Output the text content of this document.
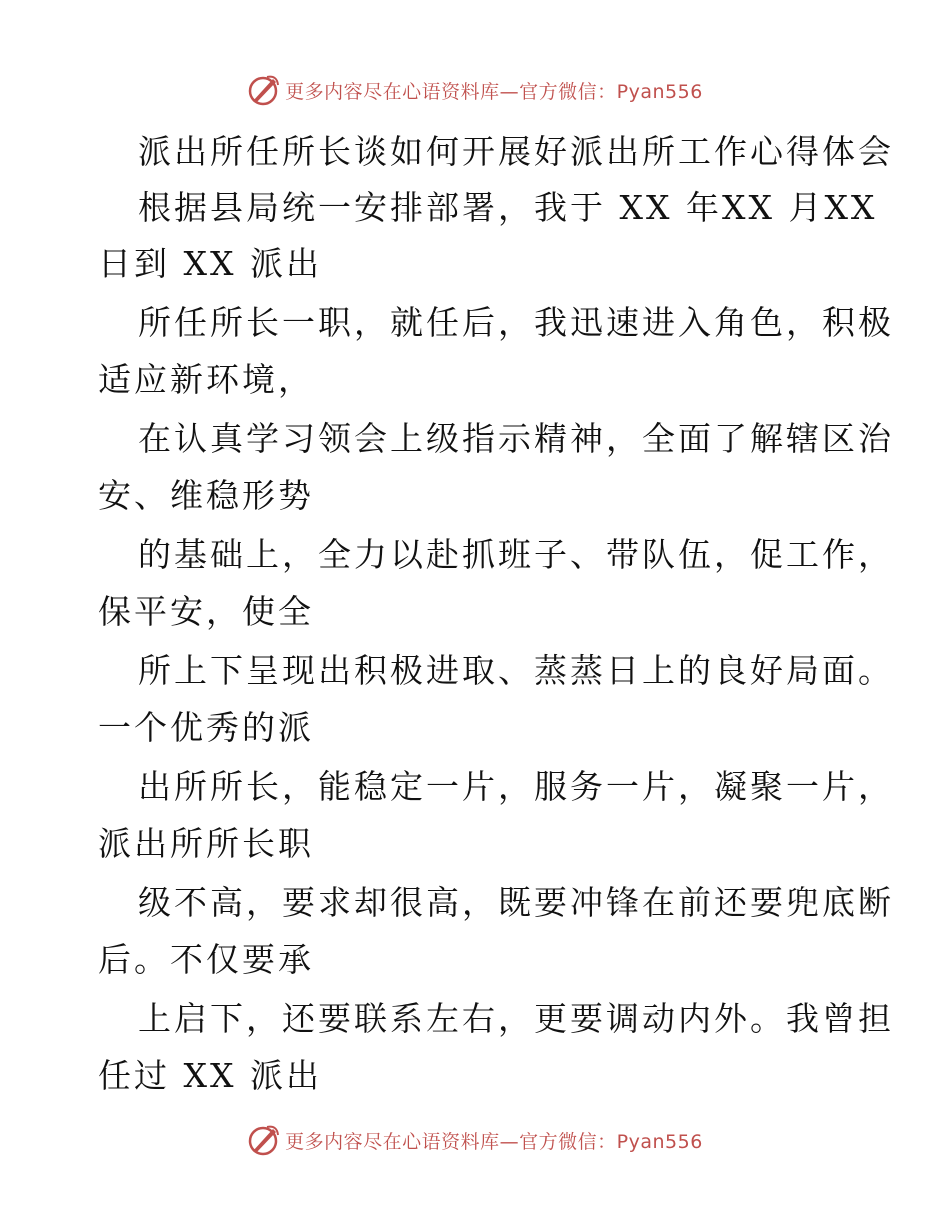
更多内容尽在心语资料库—官方微信：Pyan556
派出所任所长谈如何开展好派出所工作心得体会
根据县局统一安排部署，我于 XX 年XX 月XX
日到 XX 派出
所任所长一职，就任后，我迅速进入角色，积极
适应新环境，
在认真学习领会上级指示精神，全面了解辖区治
安、维稳形势
的基础上，全力以赴抓班子、带队伍，促工作，
保平安，使全
所上下呈现出积极进取、蒸蒸日上的良好局面。
一个优秀的派
出所所长，能稳定一片，服务一片，凝聚一片，
派出所所长职
级不高，要求却很高，既要冲锋在前还要兜底断
后。不仅要承
上启下，还要联系左右，更要调动内外。我曾担
任过 XX 派出
更多内容尽在心语资料库—官方微信：Pyan556
